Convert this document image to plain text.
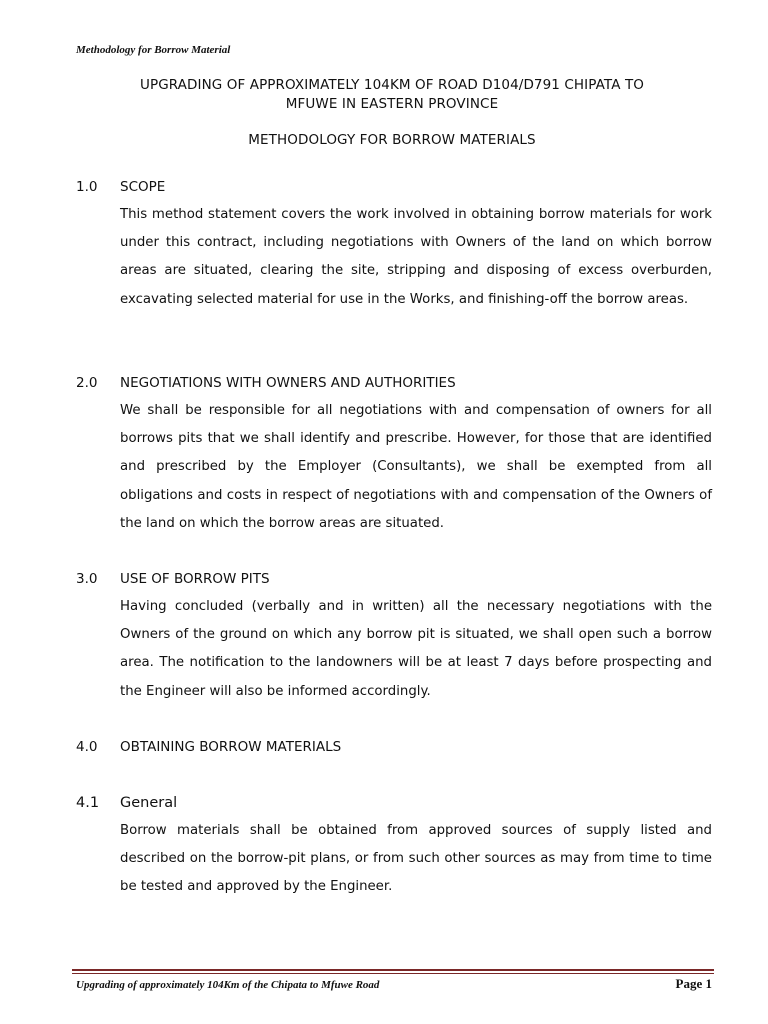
Methodology for Borrow Material
UPGRADING OF APPROXIMATELY 104KM OF ROAD D104/D791 CHIPATA TO
MFUWE IN EASTERN PROVINCE
METHODOLOGY FOR BORROW MATERIALS
1.0	SCOPE
This method statement covers the work involved in obtaining borrow materials for work under this contract, including negotiations with Owners of the land on which borrow areas are situated, clearing the site, stripping and disposing of excess overburden, excavating selected material for use in the Works, and finishing-off the borrow areas.
2.0	NEGOTIATIONS WITH OWNERS AND AUTHORITIES
We shall be responsible for all negotiations with and compensation of owners for all borrows pits that we shall identify and prescribe. However, for those that are identified and prescribed by the Employer (Consultants), we shall be exempted from all obligations and costs in respect of negotiations with and compensation of the Owners of the land on which the borrow areas are situated.
3.0	USE OF BORROW PITS
Having concluded (verbally and in written) all the necessary negotiations with the Owners of the ground on which any borrow pit is situated, we shall open such a borrow area. The notification to the landowners will be at least 7 days before prospecting and the Engineer will also be informed accordingly.
4.0	OBTAINING BORROW MATERIALS
4.1	General
Borrow materials shall be obtained from approved sources of supply listed and described on the borrow-pit plans, or from such other sources as may from time to time be tested and approved by the Engineer.
Upgrading of approximately 104Km of the Chipata to Mfuwe Road	Page 1
